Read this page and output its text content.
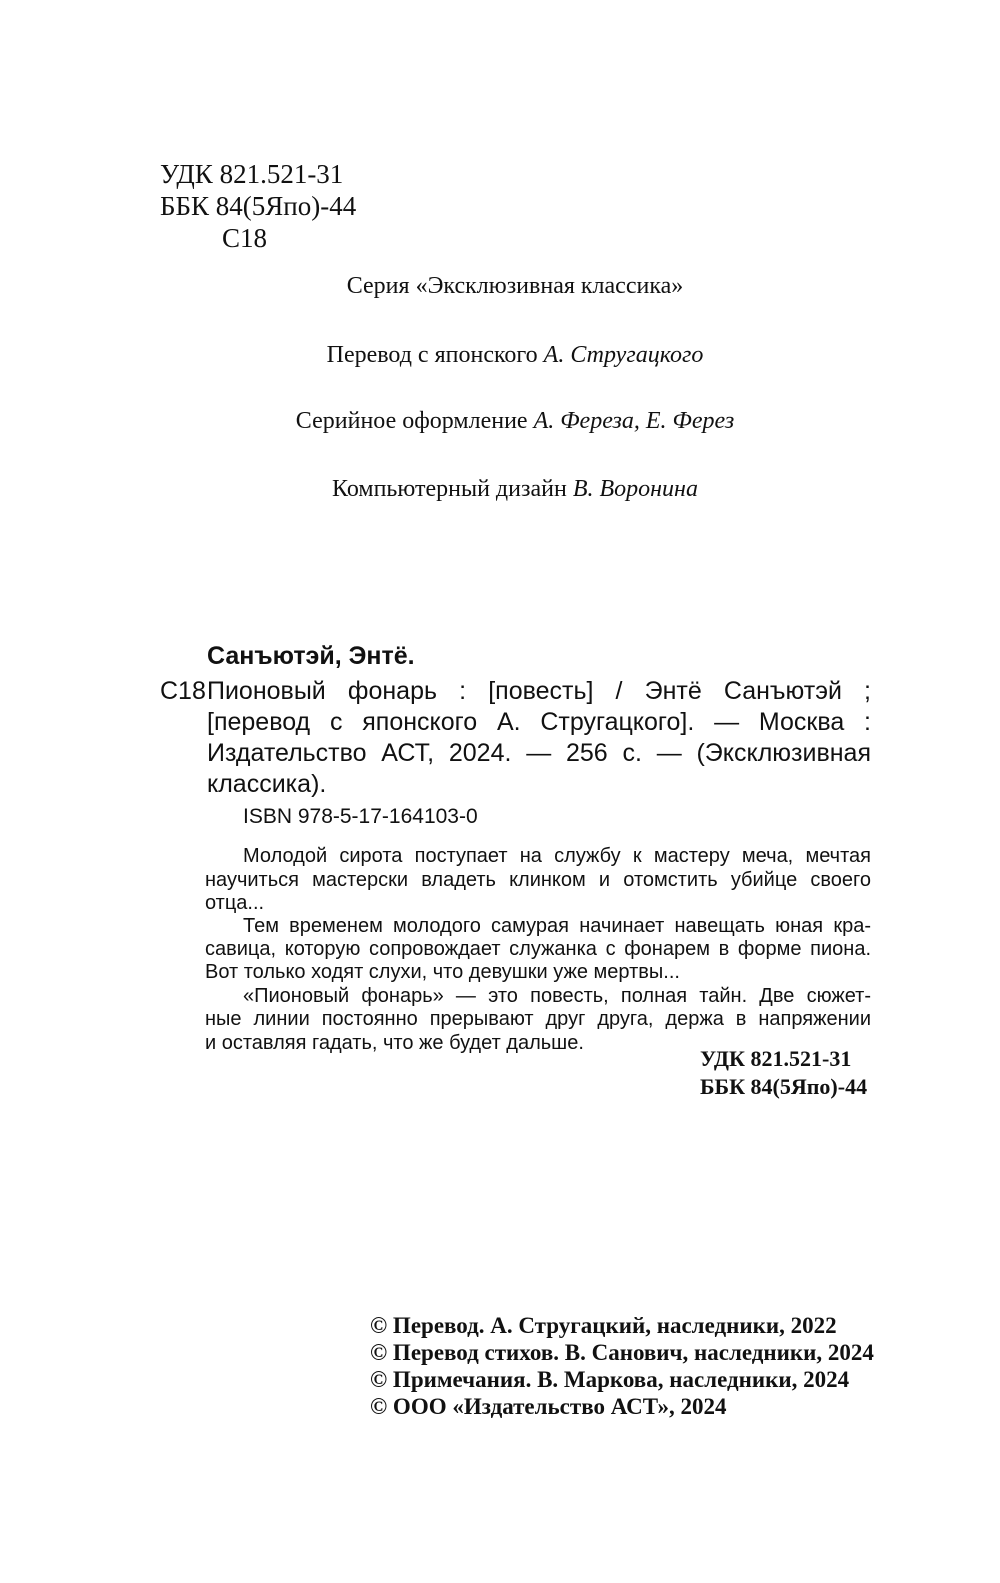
УДК 821.521-31
ББК 84(5Япо)-44
С18
Серия «Эксклюзивная классика»
Перевод с японского А. Стругацкого
Серийное оформление А. Фереза, Е. Ферез
Компьютерный дизайн В. Воронина
Санъютэй, Энтё.
С18 Пионовый фонарь : [повесть] / Энтё Санъютэй ;
[перевод с японского А. Стругацкого]. — Москва :
Издательство АСТ, 2024. — 256 с. — (Эксклюзивная
классика).
ISBN 978-5-17-164103-0
Молодой сирота поступает на службу к мастеру меча, мечтая
научиться мастерски владеть клинком и отомстить убийце своего
отца...
Тем временем молодого самурая начинает навещать юная кра-
савица, которую сопровождает служанка с фонарем в форме пиона.
Вот только ходят слухи, что девушки уже мертвы...
«Пионовый фонарь» — это повесть, полная тайн. Две сюжет-
ные линии постоянно прерывают друг друга, держа в напряжении
и оставляя гадать, что же будет дальше.
УДК 821.521-31
ББК 84(5Япо)-44
© Перевод. А. Стругацкий, наследники, 2022
© Перевод стихов. В. Санович, наследники, 2024
© Примечания. В. Маркова, наследники, 2024
© ООО «Издательство АСТ», 2024
